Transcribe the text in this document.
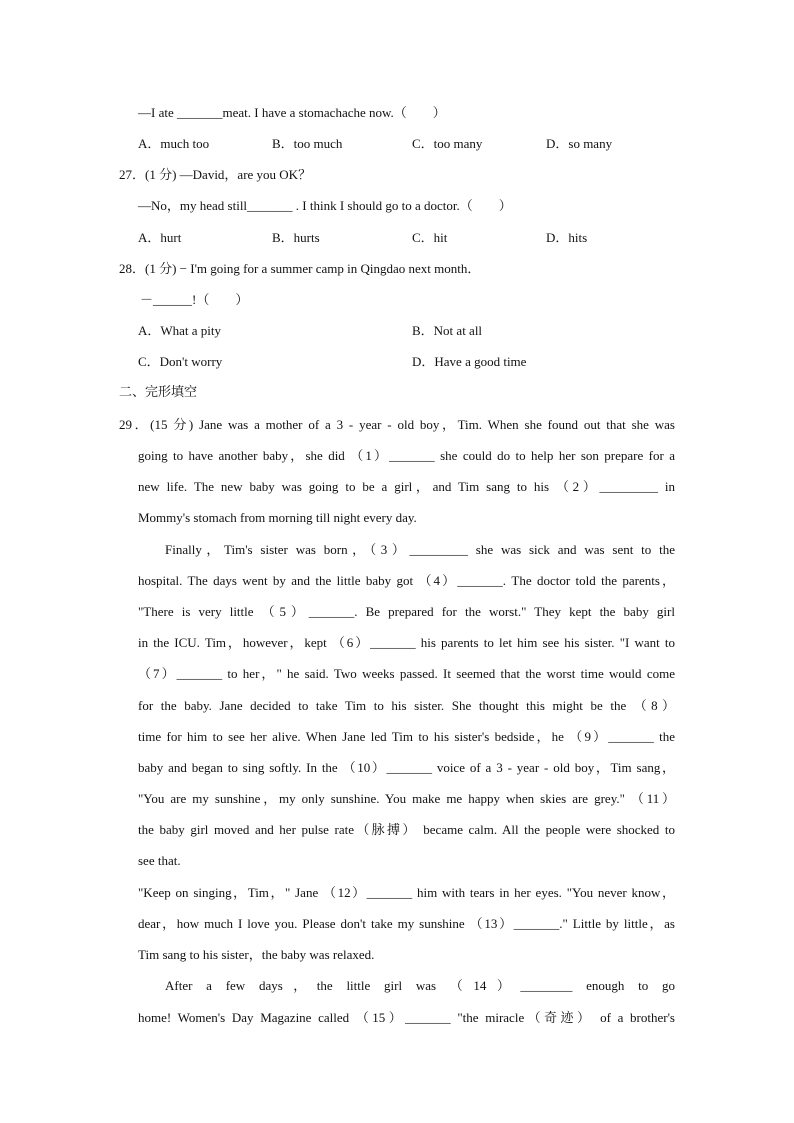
—I ate _______meat. I have a stomachache now.（　　）
A．much too	B．too much	C．too many	D．so many
27．(1 分) —David，are you OK？
—No，my head still_______ . I think I should go to a doctor.（　　）
A．hurt	B．hurts	C．hit	D．hits
28．(1 分) − I'm going for a summer camp in Qingdao next month．
－______!（　　）
A．What a pity	B．Not at all
C．Don't worry	D．Have a good time
二、完形填空
29．(15 分) Jane was a mother of a 3 - year - old boy，Tim. When she found out that she was
going to have another baby，she did （1）_______ she could do to help her son prepare for a
new life. The new baby was going to be a girl，and Tim sang to his （2）_________ in
Mommy's stomach from morning till night every day.
Finally，Tim's sister was born，（3）_________ she was sick and was sent to the
hospital. The days went by and the little baby got （4）_______. The doctor told the parents，
"There is very little （5）_______. Be prepared for the worst." They kept the baby girl
in the ICU. Tim，however，kept （6）_______ his parents to let him see his sister. "I want to
（7）_______ to her，" he said. Two weeks passed. It seemed that the worst time would come
for the baby. Jane decided to take Tim to his sister. She thought this might be the （8）
time for him to see her alive. When Jane led Tim to his sister's bedside，he （9）_______ the
baby and began to sing softly. In the （10）_______ voice of a 3 - year - old boy，Tim sang，
"You are my sunshine，my only sunshine. You make me happy when skies are grey." （11）
the baby girl moved and her pulse rate（脉搏） became calm. All the people were shocked to
see that.
"Keep on singing，Tim，" Jane （12）_______ him with tears in her eyes. "You never know，
dear，how much I love you. Please don't take my sunshine （13）_______." Little by little，as
Tim sang to his sister，the baby was relaxed.
After a few days，the little girl was （14）________ enough to go
home! Women's Day Magazine called （15）_______ "the miracle（奇迹） of a brother's
